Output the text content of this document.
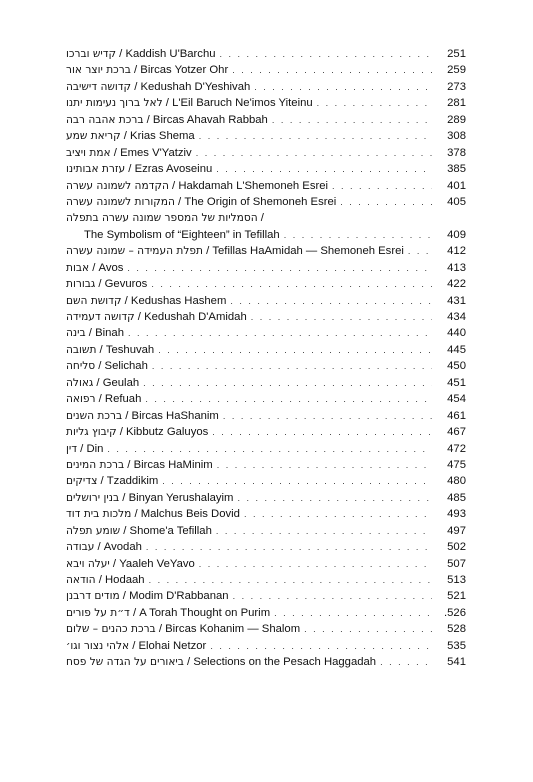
קדיש וברכו / Kaddish U'Barchu . . .	251
ברכת יוצר אור / Bircas Yotzer Ohr . . .	259
קדושה דישיבה / Kedushah D'Yeshivah . . .	273
לאל ברוך נעימות יתנו / L'Eil Baruch Ne'imos Yiteinu . . .	281
ברכת אהבה רבה / Bircas Ahavah Rabbah . . .	289
קריאת שמע / Krias Shema . . .	308
אמת ויציב / Emes V'Yatziv . . .	378
עזרת אבותינו / Ezras Avoseinu . . .	385
הקדמה לשמונה עשרה / Hakdamah L'Shemoneh Esrei . . .	401
המקורות לשמונה עשרה / The Origin of Shemoneh Esrei . . .	405
הסמליות של המספר שמונה עשרה בתפלה /
The Symbolism of “Eighteen” in Tefillah . . .	409
תפלת העמידה – שמונה עשרה / Tefillas HaAmidah — Shemoneh Esrei . . .	412
אבות / Avos . . .	413
גבורות / Gevuros . . .	422
קדושת השם / Kedushas Hashem . . .	431
קדושה דעמידה / Kedushah D'Amidah . . .	434
בינה / Binah . . .	440
תשובה / Teshuvah . . .	445
סליחה / Selichah . . .	450
גאולה / Geulah . . .	451
רפואה / Refuah . . .	454
ברכת השנים / Bircas HaShanim . . .	461
קיבוץ גליות / Kibbutz Galuyos . . .	467
דין / Din . . .	472
ברכת המינים / Bircas HaMinim . . .	475
צדיקים / Tzaddikim . . .	480
בנין ירושלים / Binyan Yerushalayim . . .	485
מלכות בית דוד / Malchus Beis Dovid . . .	493
שומע תפלה / Shome'a Tefillah . . .	497
עבודה / Avodah . . .	502
יעלה ויבא / Yaaleh VeYavo . . .	507
הודאה / Hodaah . . .	513
מודים דרבנן / Modim D'Rabbanan . . .	521
ד״ת על פורים / A Torah Thought on Purim . . .	.526
ברכת כהנים – שלום / Bircas Kohanim — Shalom . . .	528
אלהי נצור וגו׳ / Elohai Netzor . . .	535
ביאורים על הגדה של פסח / Selections on the Pesach Haggadah . . .	541
